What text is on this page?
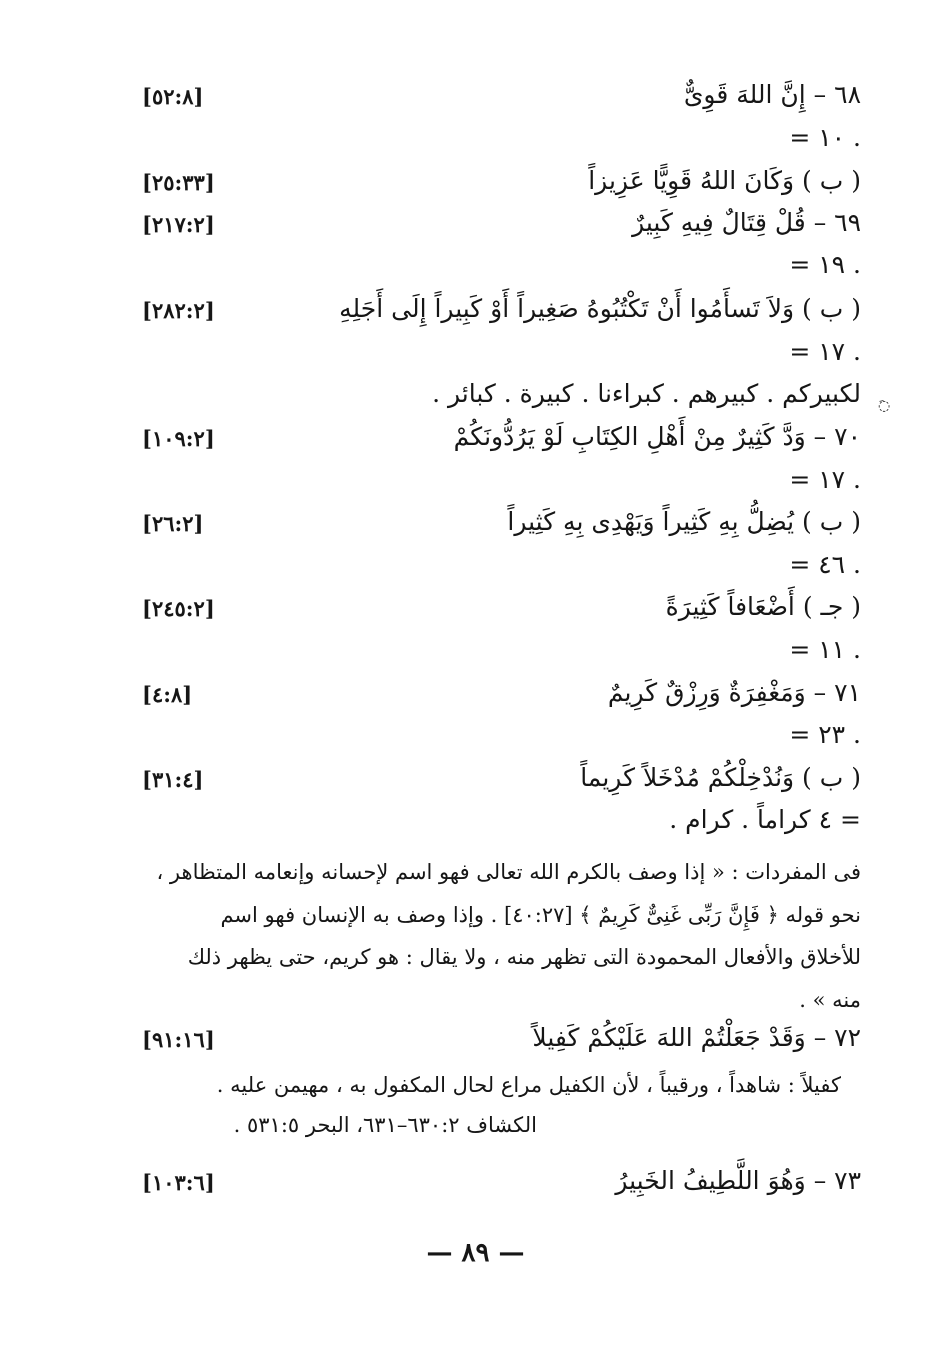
٦٨ – إِنَّ اللهَ قَوِىٌّ
[٥٢:٨]
= ١٠ .
( ب ) وَكَانَ اللهُ قَوِيًّا عَزِيزاً
[٢٥:٣٣]
٦٩ – قُلْ قِتَالٌ فِيهِ كَبِيرٌ
[٢١٧:٢]
= ١٩ .
( ب ) وَلاَ تَسأَمُوا أَنْ تَكْتُبُوهُ صَغِيراً أَوْ كَبِيراً إِلَى أَجَلِهِ
[٢٨٢:٢]
= ١٧ .
لكبيركم . كبيرهم . كبراءنا . كبيرة . كبائر . ◌َ
٧٠ – وَدَّ كَثِيرٌ مِنْ أَهْلِ الكِتَابِ لَوْ يَرُدُّونَكُمْ
[١٠٩:٢]
= ١٧ .
( ب ) يُضِلُّ بِهِ كَثِيراً وَيَهْدِى بِهِ كَثِيراً
[٢٦:٢]
= ٤٦ .
( جـ ) أَضْعَافاً كَثِيرَةً
[٢٤٥:٢]
= ١١ .
٧١ – وَمَغْفِرَةٌ وَرِزْقٌ كَرِيمٌ
[٤:٨]
= ٢٣ .
( ب ) وَنُدْخِلْكُمْ مُدْخَلاً كَرِيماً
[٣١:٤]
= ٤ كراماً . كرام .
فى المفردات : « إذا وصف بالكرم الله تعالى فهو اسم لإحسانه وإنعامه المتظاهر ،
نحو قوله ﴿ فَإِنَّ رَبِّى غَنِىٌّ كَرِيمٌ ﴾ [٤٠:٢٧] . وإذا وصف به الإنسان فهو اسم
للأخلاق والأفعال المحمودة التى تظهر منه ، ولا يقال : هو كريم، حتى يظهر ذلك
منه » .
٧٢ – وَقَدْ جَعَلْتُمْ اللهَ عَلَيْكُمْ كَفِيلاً
[٩١:١٦]
كفيلاً : شاهداً ، ورقيباً ، لأن الكفيل مراع لحال المكفول به ، مهيمن عليه .
الكشاف ٦٣٠:٢–٦٣١، البحر ٥٣١:٥ .
٧٣ – وَهُوَ اللَّطِيفُ الخَبِيرُ
[١٠٣:٦]
— ٨٩ —
